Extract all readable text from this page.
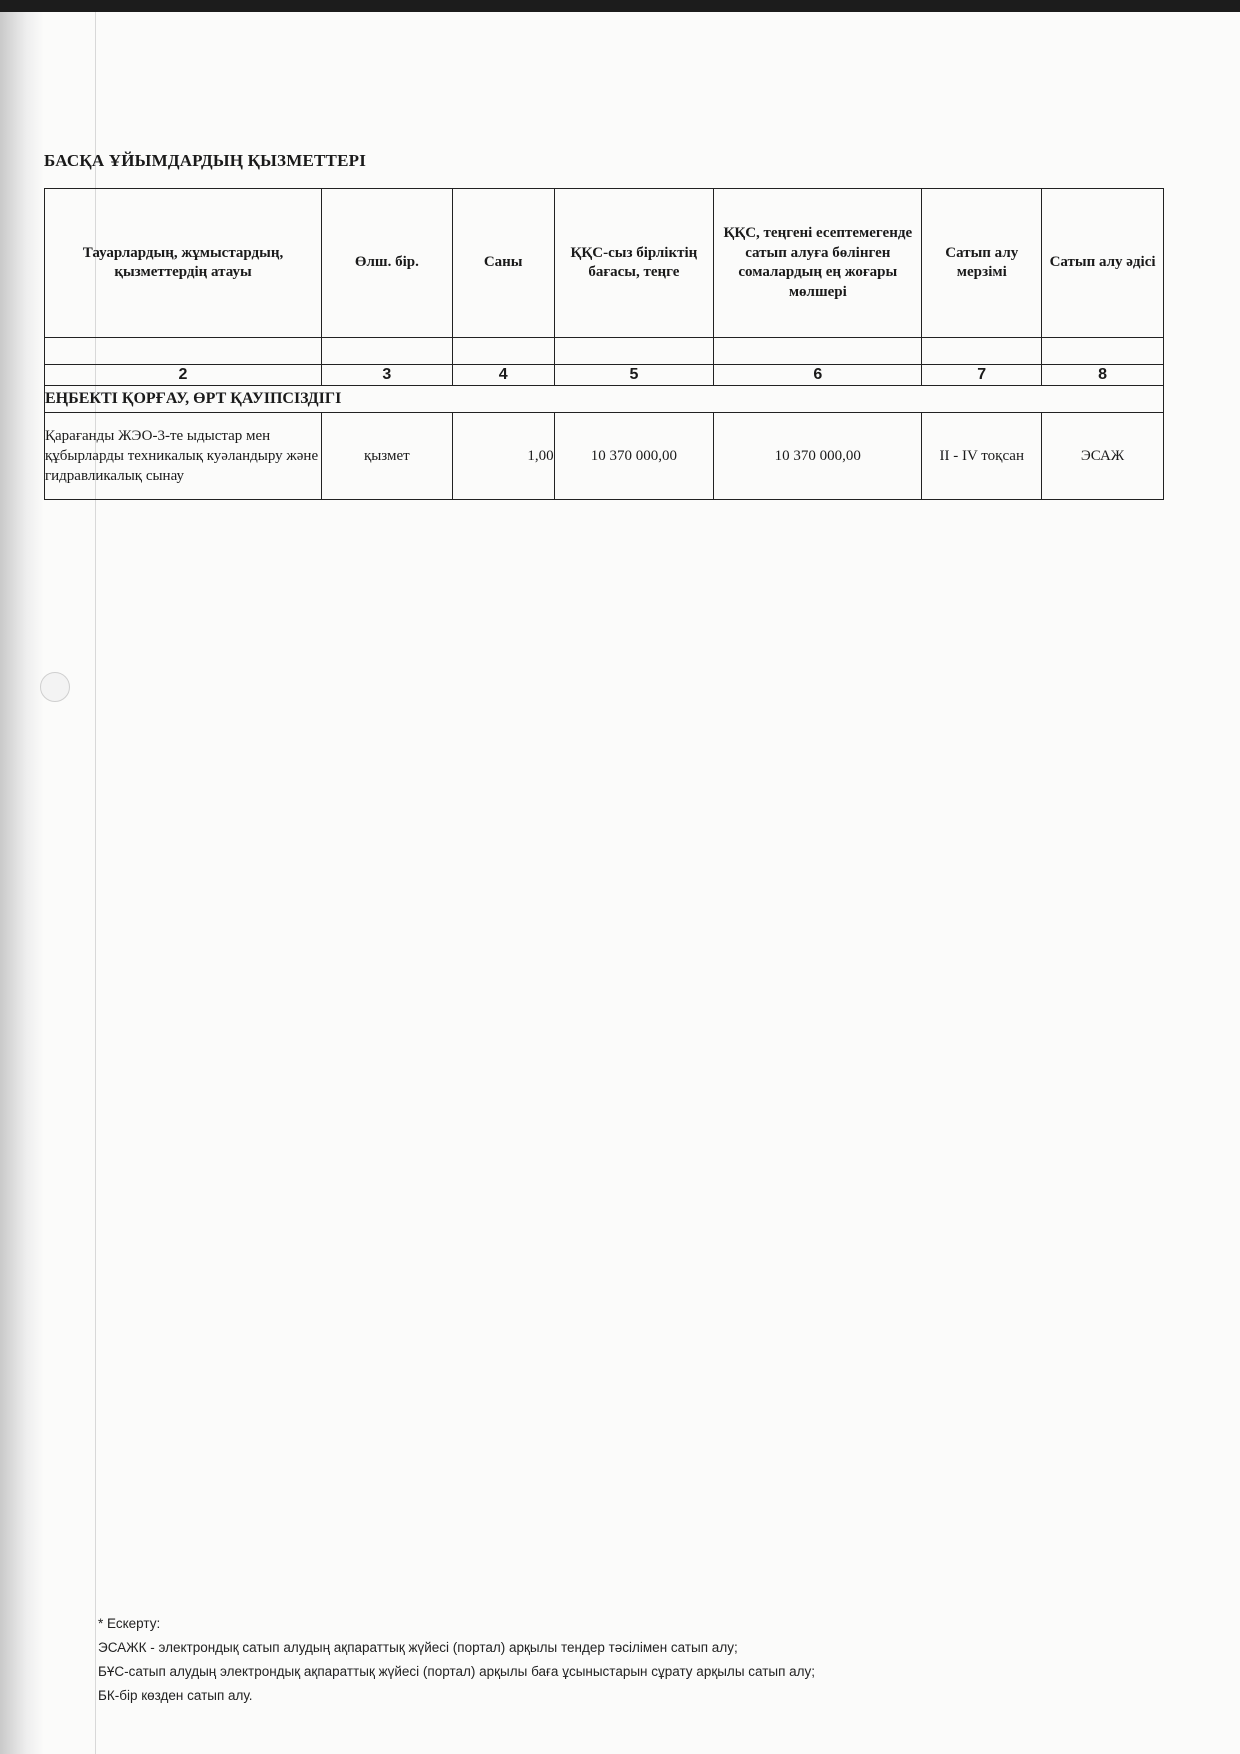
БАСҚА ҰЙЫМДАРДЫҢ ҚЫЗМЕТТЕРІ
Тауарлардың, жұмыстардың, қызметтердің атауы	Өлш. бір.	Саны	ҚҚС-сыз бірліктің бағасы, теңге	ҚҚС, теңгені есептемегенде сатып алуға бөлінген сомалардың ең жоғары мөлшері	Сатып алу мерзімі	Сатып алу әдісі

2	3	4	5	6	7	8
ЕҢБЕКТІ ҚОРҒАУ, ӨРТ ҚАУІПСІЗДІГІ						
Қарағанды ЖЭО-3-те ыдыстар мен құбырларды техникалық куәландыру және гидравликалық сынау	қызмет	1,00	10 370 000,00	10 370 000,00	II - IV тоқсан	ЭСАЖ
* Ескерту:
ЭСАЖК - электрондық сатып алудың ақпараттық жүйесі (портал) арқылы тендер тәсілімен сатып алу;
БҰС-сатып алудың электрондық ақпараттық жүйесі (портал) арқылы баға ұсыныстарын сұрату арқылы сатып алу;
БК-бір көзден сатып алу.
